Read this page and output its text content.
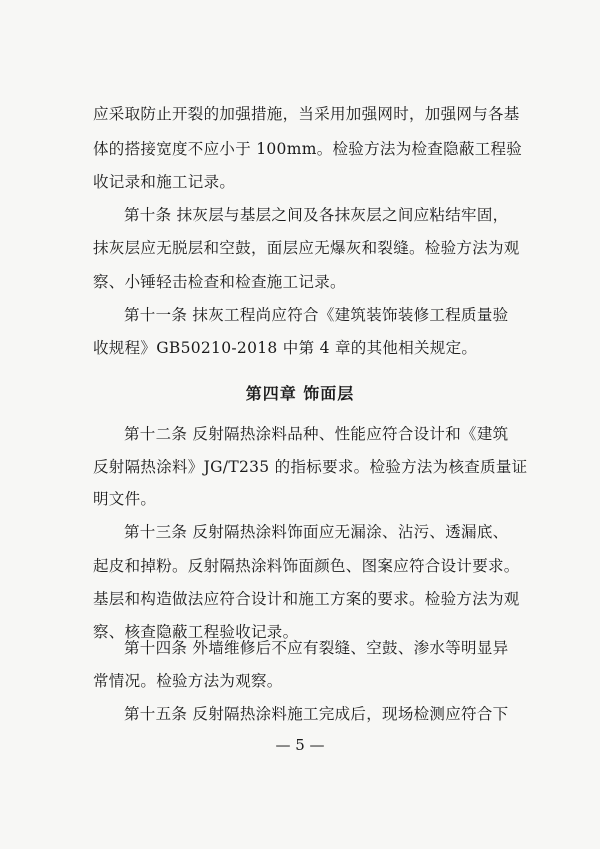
应采取防止开裂的加强措施，当采用加强网时，加强网与各基
体的搭接宽度不应小于 100mm。检验方法为检查隐蔽工程验
收记录和施工记录。
第十条 抹灰层与基层之间及各抹灰层之间应粘结牢固，
抹灰层应无脱层和空鼓，面层应无爆灰和裂缝。检验方法为观
察、小锤轻击检查和检查施工记录。
第十一条 抹灰工程尚应符合《建筑装饰装修工程质量验
收规程》GB50210-2018 中第 4 章的其他相关规定。
第四章 饰面层
第十二条 反射隔热涂料品种、性能应符合设计和《建筑
反射隔热涂料》JG/T235 的指标要求。检验方法为核查质量证
明文件。
第十三条 反射隔热涂料饰面应无漏涂、沾污、透漏底、
起皮和掉粉。反射隔热涂料饰面颜色、图案应符合设计要求。
基层和构造做法应符合设计和施工方案的要求。检验方法为观
察、核查隐蔽工程验收记录。
第十四条 外墙维修后不应有裂缝、空鼓、渗水等明显异
常情况。检验方法为观察。
第十五条 反射隔热涂料施工完成后，现场检测应符合下
— 5 —
